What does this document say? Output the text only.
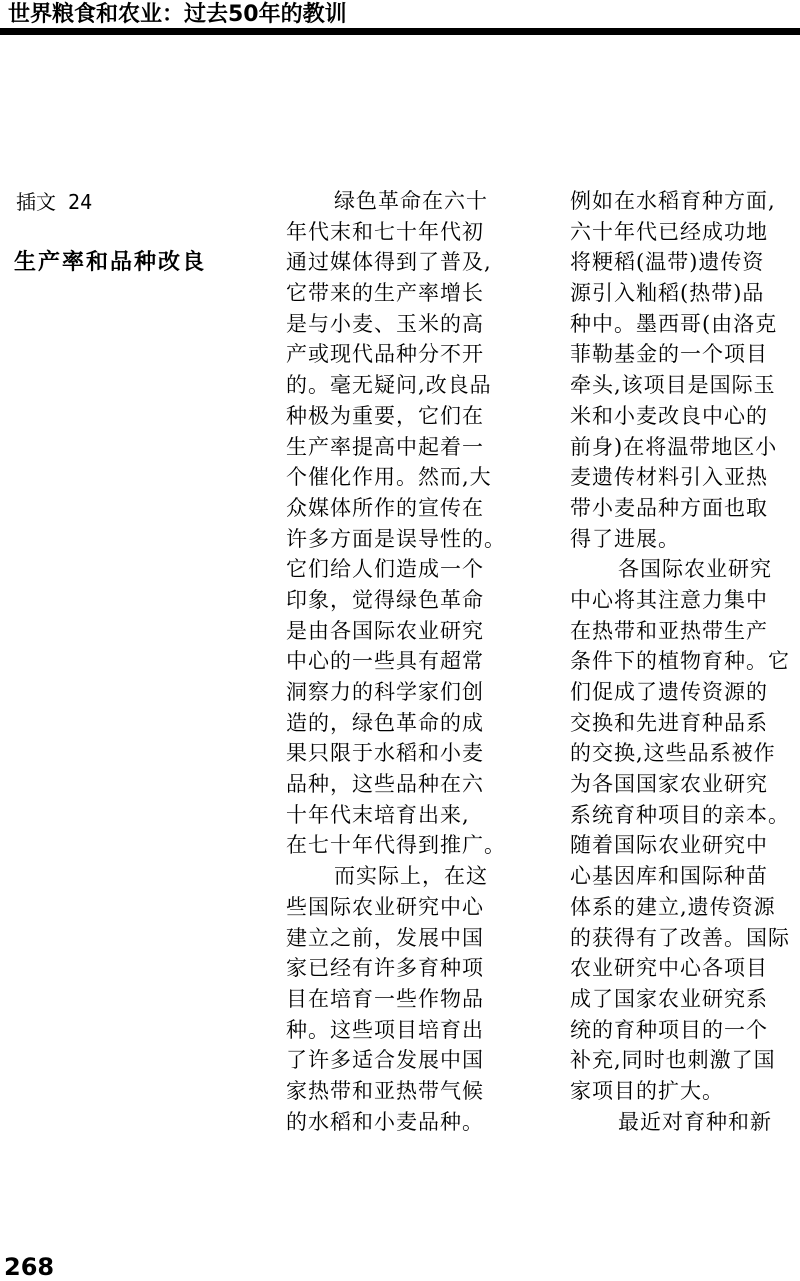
世界粮食和农业：过去50年的教训
插文 24
生产率和品种改良
绿色革命在六十
年代末和七十年代初
通过媒体得到了普及,
它带来的生产率增长
是与小麦、玉米的高
产或现代品种分不开
的。毫无疑问,改良品
种极为重要，它们在
生产率提高中起着一
个催化作用。然而,大
众媒体所作的宣传在
许多方面是误导性的。
它们给人们造成一个
印象，觉得绿色革命
是由各国际农业研究
中心的一些具有超常
洞察力的科学家们创
造的，绿色革命的成
果只限于水稻和小麦
品种，这些品种在六
十年代末培育出来,
在七十年代得到推广。
而实际上，在这
些国际农业研究中心
建立之前，发展中国
家已经有许多育种项
目在培育一些作物品
种。这些项目培育出
了许多适合发展中国
家热带和亚热带气候
的水稻和小麦品种。
例如在水稻育种方面,
六十年代已经成功地
将粳稻(温带)遗传资
源引入籼稻(热带)品
种中。墨西哥(由洛克
菲勒基金的一个项目
牵头,该项目是国际玉
米和小麦改良中心的
前身)在将温带地区小
麦遗传材料引入亚热
带小麦品种方面也取
得了进展。
各国际农业研究
中心将其注意力集中
在热带和亚热带生产
条件下的植物育种。它
们促成了遗传资源的
交换和先进育种品系
的交换,这些品系被作
为各国国家农业研究
系统育种项目的亲本。
随着国际农业研究中
心基因库和国际种苗
体系的建立,遗传资源
的获得有了改善。国际
农业研究中心各项目
成了国家农业研究系
统的育种项目的一个
补充,同时也刺激了国
家项目的扩大。
最近对育种和新
268
